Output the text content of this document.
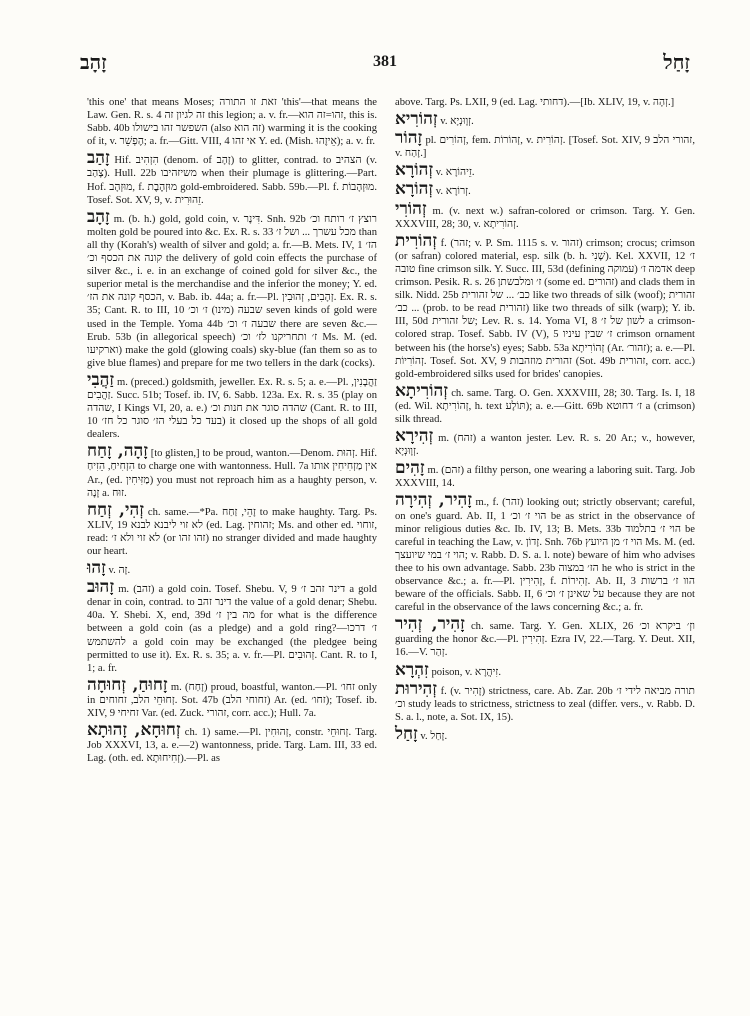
זָהָב	381	זָחַל

'this one' that means Moses; זאת זו התורה 'this'—that means the Law. Gen. R. s. 4 זה לגיון זה this legion; a. v. fr.—זהו=זה הוא, this is. Sabb. 40b השפשר זהו בישולו (also זה הוא) warming it is the cooking of it, v. הֶפְשֵׁר; a. fr.—Gitt. VIII, 4 אי זהו Y. ed. (Mish. אֵיזֶהוּ); a. v. fr.

זָהַב Hif. הִזְהִיב (denom. of זָהָב) to glitter, contrad. to הצהיב (v. צָהַב). Hull. 22b משיזהיבו when their plumage is glittering.—Part. Hof. מוּזְהָב, f. מוּזְהֶבֶת gold-embroidered. Sabb. 59b.—Pl. f. מוּזְהָבוֹת. Tosef. Sot. XV, 9, v. זֵהוּרִית.

זָהָב m. (b. h.) gold, gold coin, v. דִּינָר. Snh. 92b רוצץ ז׳ רותח וכ׳ molten gold be poured into &c. Ex. R. s. 33 מכל עשרך ... ושל ז׳ than all thy (Korah's) wealth of silver and gold; a. fr.—B. Mets. IV, 1 הז׳ קונה את הכסף וכ׳ the delivery of gold coin effects the purchase of silver &c., i. e. in an exchange of coined gold for silver &c., the superior metal is the merchandise and the inferior the money; Y. ed. הכסף קונה את הז׳, v. Bab. ib. 44a; a. fr.—Pl. זְהָבִים, זְהוּבִין. Ex. R. s. 35; Cant. R. to III, 10 שבעה (מינו) ז׳ וכ׳ seven kinds of gold were used in the Temple. Yoma 44b שבעה ז׳ וכ׳ there are seven &c.—Erub. 53b (in allegorical speech) ז׳ ותחריקנו לז׳ וכ׳ Ms. M. (ed. וארקיעו) make the gold (glowing coals) sky-blue (fan them so as to give blue flames) and prepare for me two tellers in the dark (cocks).

זַהֲבִי m. (preced.) goldsmith, jeweller. Ex. R. s. 5; a. e.—Pl. זַהֲבָנִין, זַהֲבִים. Succ. 51b; Tosef. ib. IV, 6. Sabb. 123a. Ex. R. s. 35 (play on שהדה, I Kings VI, 20, a. e.) שהדה סוגר את חנות וכ׳ (Cant. R. to III, 10 בעד כל בעלי הז׳ סוגר כל חז׳) it closed up the shops of all gold dealers.

זָהָה, זָחַח [to glisten,] to be proud, wanton.—Denom. זְהוּת. Hif. הִזְחִיחַ, הֵזִיחַ to charge one with wantonness. Hull. 7a אין מַזְחִיחִין אותו Ar., (ed. מַזִּיחִין) you must not reproach him as a haughty person, v. זָנָה a. זוּח.

זְהִי, זְחַח ch. same.—*Pa. זָהֵי, זַחַח to make haughty. Targ. Ps. XLIV, 19 לא זוי ליבנא לבנא (ed. Lag. זהוחין; Ms. and other ed. זוחוי, read: לא זוי ולא ז׳ (or זהו זהו) no stranger divided and made haughty our heart.

זָהוּ v. זָה.

זָהוּב m. (זהב) a gold coin. Tosef. Shebu. V, 9 דינר זהב ז׳ a gold denar in coin, contrad. to דינר זהב the value of a gold denar; Shebu. 40a. Y. Shebi. X, end, 39d מה בין ז׳ for what is the difference between a gold coin (as a pledge) and a gold ring?—ז׳ דרכו להשתמש a gold coin may be exchanged (the pledgee being permitted to use it). Ex. R. s. 35; a. v. fr.—Pl. זְהוּבִים. Cant. R. to I, 1; a. fr.

זָחוּחַ, זְחוּחָה m. (זָחַח) proud, boastful, wanton.—Pl. זחו׳ only in זְחוּחֵי הלב, זחוחים. Sot. 47b (זחוחי הלב) Ar. (ed. זחו׳); Tosef. ib. XIV, 9 זחיחי Var. (ed. Zuck. זהורי, corr. acc.); Hull. 7a.

זְחוּחָא, זָהוּתָא ch. 1) same.—Pl. זְהוּחִין, constr. זְחוּחֵי. Targ. Job XXXVI, 13, a. e.—2) wantonness, pride. Targ. Lam. III, 33 ed. Lag. (oth. ed. זְחִיחוּתָא).—Pl. as

above. Targ. Ps. LXII, 9 (ed. Lag. דחותי).—[Ib. XLIV, 19, v. זְהָה.]

זְהוֹרִיא v. זְוָוּנְיָא.

זָהוֹר pl. זְהוֹרִים, fem. זְהוֹרוֹת, v. זְהוֹרִית. [Tosef. Sot. XIV, 9 זהורי הלב, v. זָהַח.]

זְהוֹרָא v. זֵיהוֹרָא.

זְהוֹרָא v. זְרוֹרָא.

זְהוֹרִי m. (v. next w.) safran-colored or crimson. Targ. Y. Gen. XXXVIII, 28; 30, v. זְהוֹרִיתָא.

זְהוֹרִית f. (זהר; v. P. Sm. 1115 s. v. זהור) crimson; crocus; crimson (or safran) colored material, esp. silk (b. h. שָׁנִי). Kel. XXVII, 12 ז׳ טובה fine crimson silk. Y. Succ. III, 53d (defining עמוקה) אדמה ז׳ deep crimson. Pesik. R. s. 26 ז׳ ומלבשתן (some ed. זהורים) and clads them in silk. Nidd. 25b כב׳ ... של זהורית like two threads of silk (woof); זהורית ... כב׳ (prob. to be read זהורית) like two threads of silk (warp); Y. ib. III, 50d של זהורית; Lev. R. s. 14. Yoma VI, 8 לשון של ז׳ a crimson-colored strap. Tosef. Sabb. IV (V), 5 ז׳ שבין עיניו crimson ornament between his (the horse's) eyes; Sabb. 53a זְהוֹרִיתָא (Ar. זהור׳); a. e.—Pl. זְהוֹרִיוֹת. Tosef. Sot. XV, 9 זהורית מוזהבות (Sot. 49b זהורית, corr. acc.) gold-embroidered silks used for brides' canopies.

זְהוֹרִיתָא ch. same. Targ. O. Gen. XXXVIII, 28; 30. Targ. Is. I, 18 (ed. Wil. זְהוֹרִיתָא, h. text תּוֹלָע); a. e.—Gitt. 69b ז׳ דחוטא a (crimson) silk thread.

זְהִירָא m. (זהח) a wanton jester. Lev. R. s. 20 Ar.; v., however, זְוָוּנְיָא.

זָהִים m. (זהם) a filthy person, one wearing a laboring suit. Targ. Job XXXVIII, 14.

זָהִיר, זְהִירָה m., f. (זהר) looking out; strictly observant; careful, on one's guard. Ab. II, 1 הוי ז׳ וכ׳ be as strict in the observance of minor religious duties &c. Ib. IV, 13; B. Mets. 33b הוי ז׳ בתלמוד be careful in teaching the Law, v. זָדוֹן. Snh. 76b הוי ז׳ מן היועץ Ms. M. (ed. הוי ז׳ במי שיועצך; v. Rabb. D. S. a. l. note) beware of him who advises thee to his own advantage. Sabb. 23b הז׳ במצוה he who is strict in the observance &c.; a. fr.—Pl. זְהִירִין, f. זְהִירוֹת. Ab. II, 3 הוו ז׳ ברשות beware of the officials. Sabb. II, 6 על שאינן ז׳ וכ׳ because they are not careful in the observance of the laws concerning &c.; a. fr.

זָהִיר, זְהִיר ch. same. Targ. Y. Gen. XLIX, 26 וזְ׳ ביקרא וכ׳ guarding the honor &c.—Pl. זְהִירִין. Ezra IV, 22.—Targ. Y. Deut. XII, 16.—V. זְהַר.

זִהְרָא poison, v. זִיהֲרָא.

זְהִירוּת f. (v. זָהִיר) strictness, care. Ab. Zar. 20b תורה מביאה לידי ז׳ וכ׳ study leads to strictness, strictness to zeal (differ. vers., v. Rabb. D. S. a. l., note, a. Sot. IX, 15).

זָחַל v. זָחַל.
